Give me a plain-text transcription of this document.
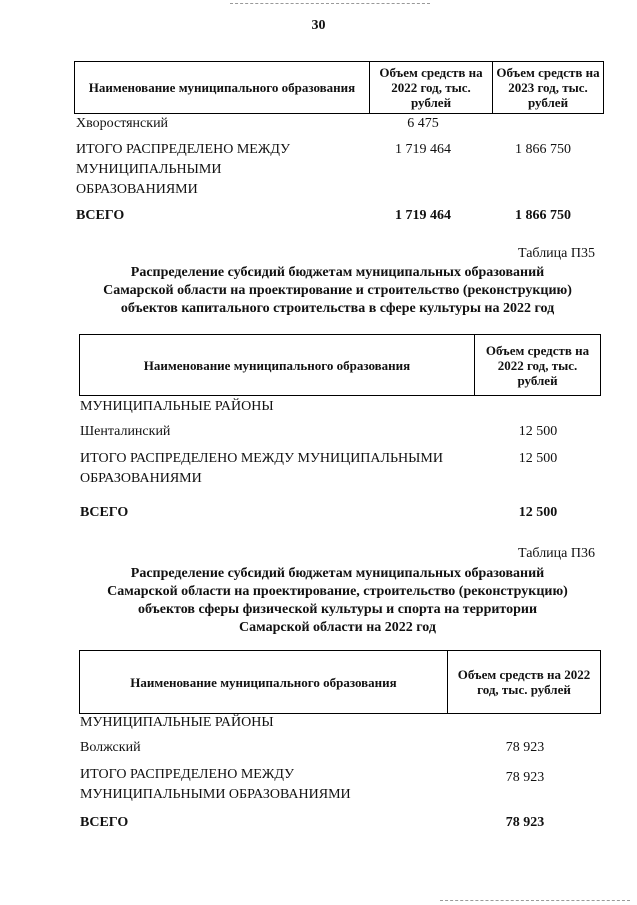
30
Наименование муниципального образования	Объем средств на 2022 год, тыс. рублей	Объем средств на 2023 год, тыс. рублей
Хворостянский	6 475
ИТОГО РАСПРЕДЕЛЕНО МЕЖДУ
МУНИЦИПАЛЬНЫМИ
ОБРАЗОВАНИЯМИ
1 719 464	1 866 750
ВСЕГО	1 719 464	1 866 750
Таблица П35
Распределение субсидий бюджетам муниципальных образований
Самарской области на проектирование и строительство (реконструкцию)
объектов капитального строительства в сфере культуры на 2022 год
Наименование муниципального образования	Объем средств на 2022 год, тыс. рублей
МУНИЦИПАЛЬНЫЕ РАЙОНЫ
Шенталинский	12 500
ИТОГО РАСПРЕДЕЛЕНО МЕЖДУ МУНИЦИПАЛЬНЫМИ
ОБРАЗОВАНИЯМИ
12 500
ВСЕГО	12 500
Таблица П36
Распределение субсидий бюджетам муниципальных образований
Самарской области на проектирование, строительство (реконструкцию)
объектов сферы физической культуры и спорта на территории
Самарской области на 2022 год
Наименование муниципального образования	Объем средств на 2022 год, тыс. рублей
МУНИЦИПАЛЬНЫЕ РАЙОНЫ
Волжский	78 923
ИТОГО РАСПРЕДЕЛЕНО МЕЖДУ
МУНИЦИПАЛЬНЫМИ ОБРАЗОВАНИЯМИ
78 923
ВСЕГО	78 923
